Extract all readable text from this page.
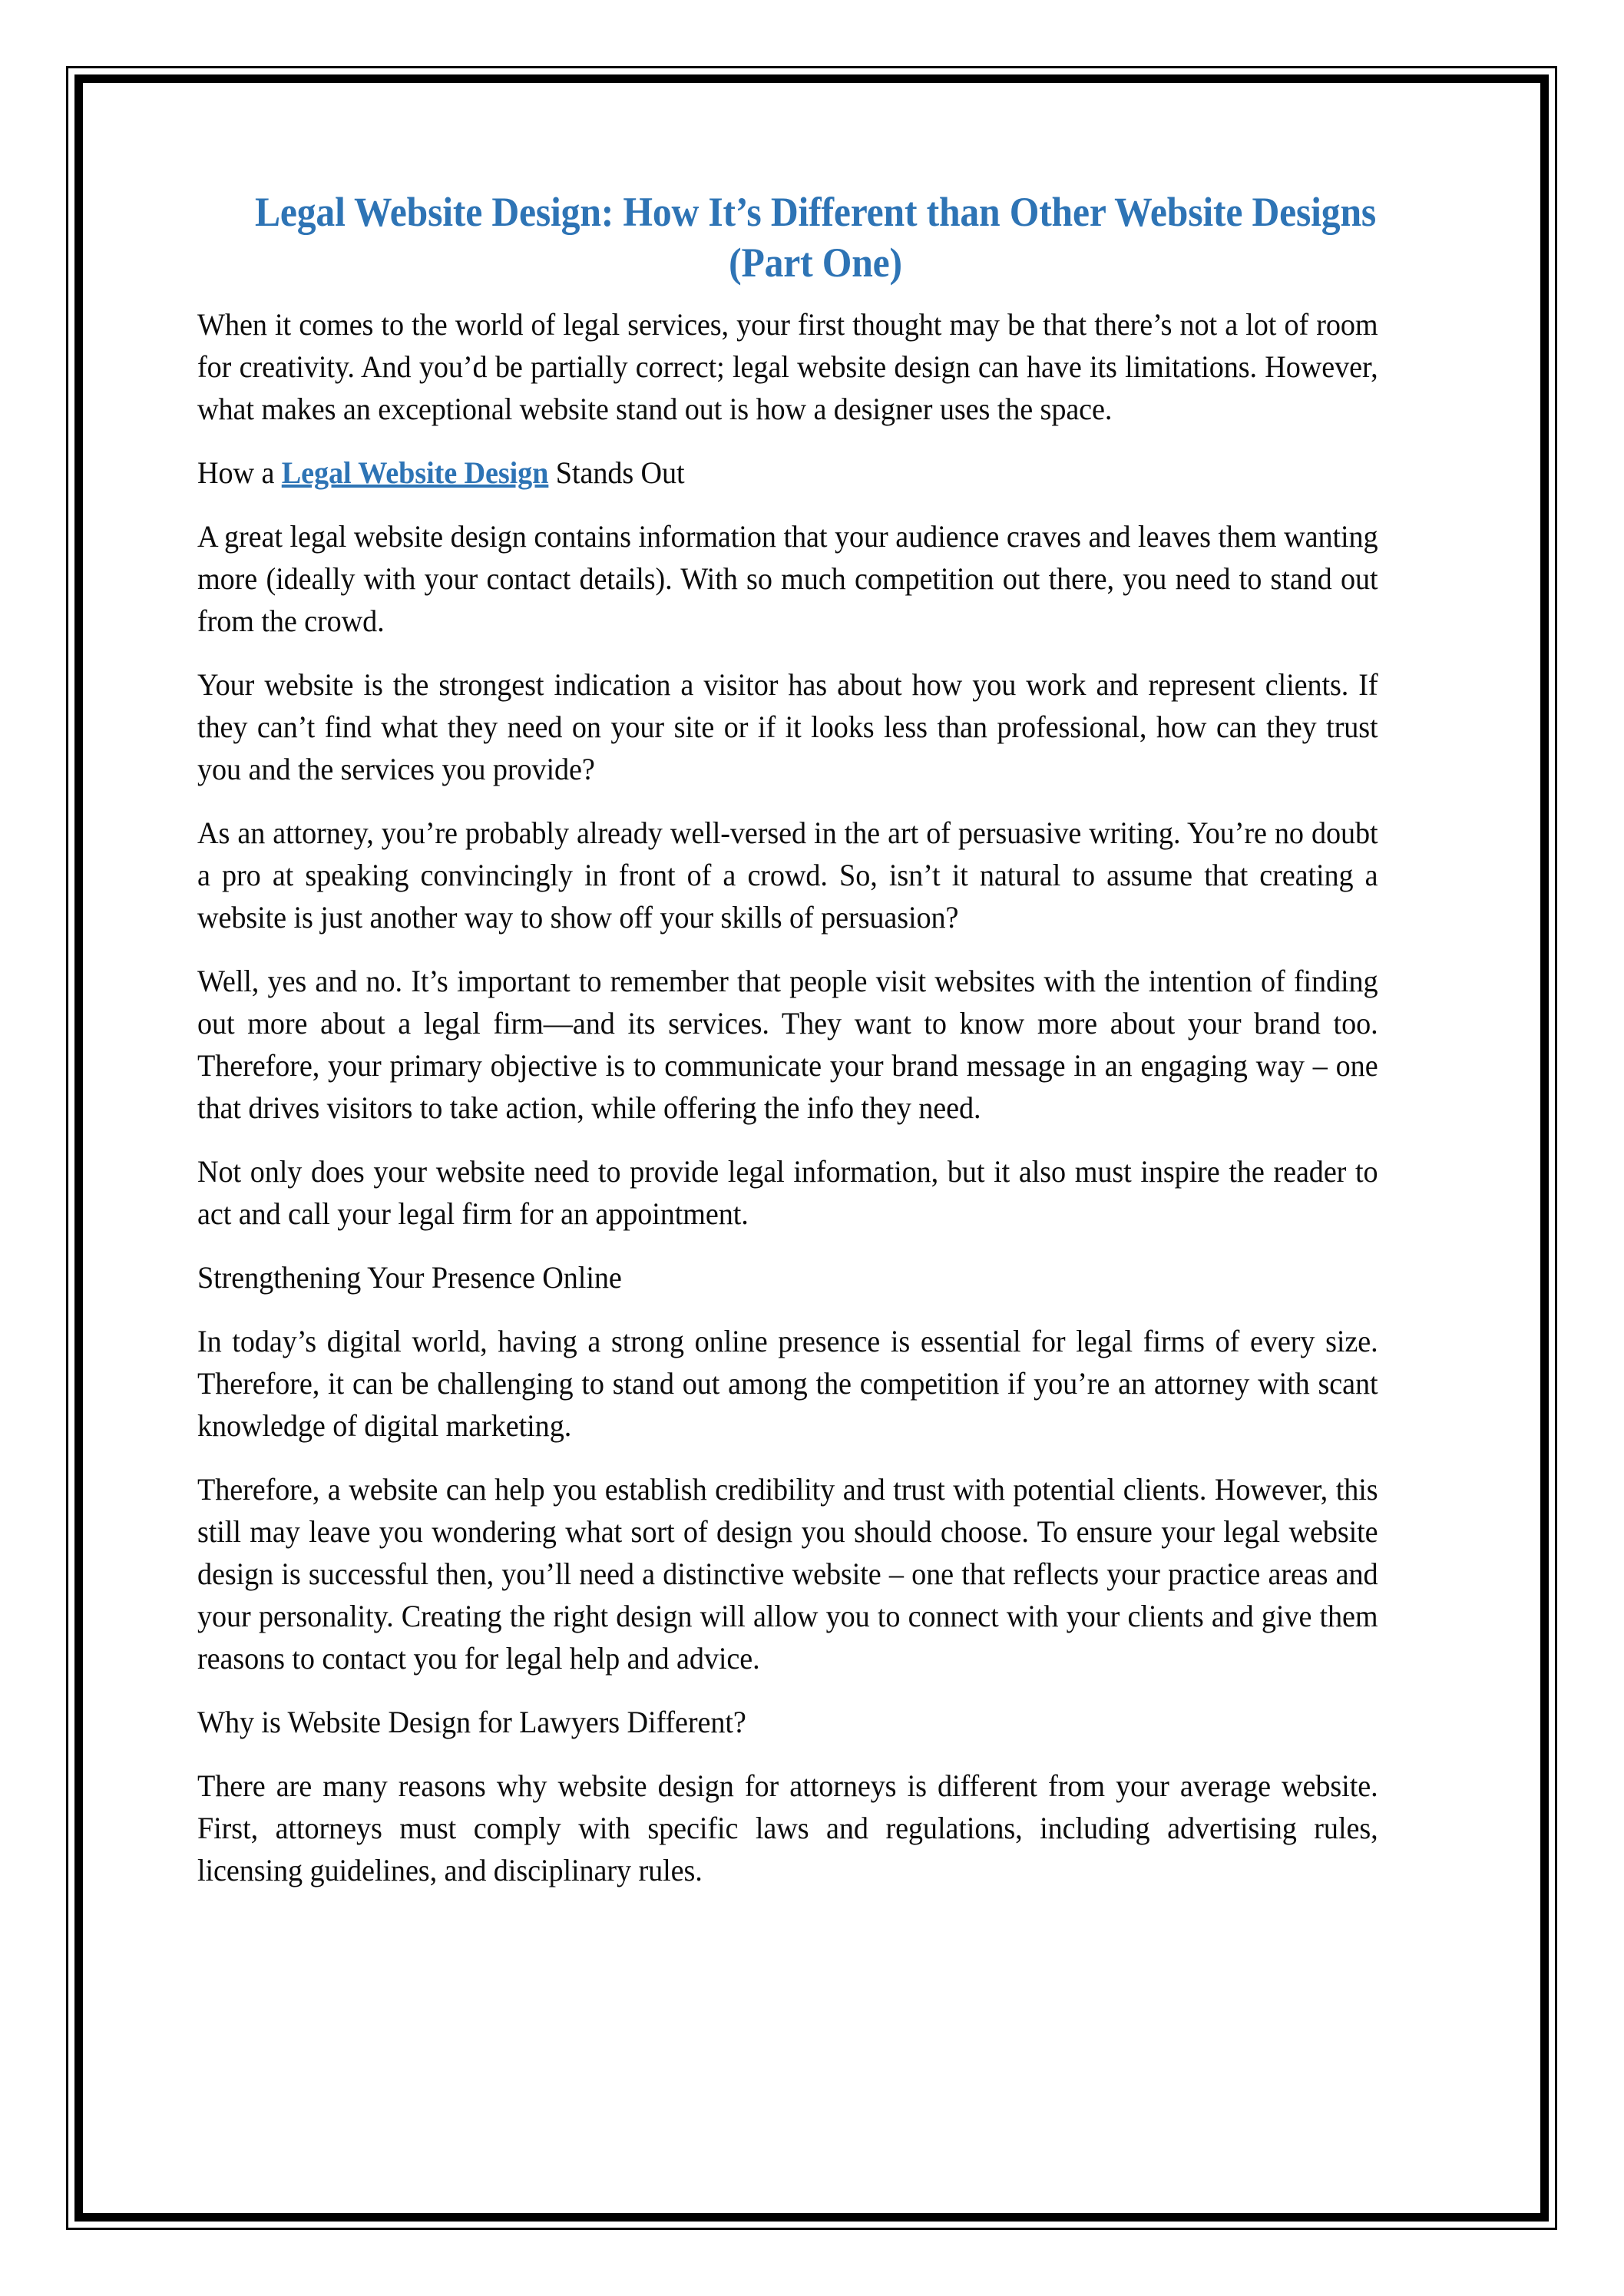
Legal Website Design: How It’s Different than Other Website Designs (Part One)

When it comes to the world of legal services, your first thought may be that there’s not a lot of room for creativity. And you’d be partially correct; legal website design can have its limitations. However, what makes an exceptional website stand out is how a designer uses the space.

How a Legal Website Design Stands Out

A great legal website design contains information that your audience craves and leaves them wanting more (ideally with your contact details). With so much competition out there, you need to stand out from the crowd.

Your website is the strongest indication a visitor has about how you work and represent clients. If they can’t find what they need on your site or if it looks less than professional, how can they trust you and the services you provide?

As an attorney, you’re probably already well-versed in the art of persuasive writing. You’re no doubt a pro at speaking convincingly in front of a crowd. So, isn’t it natural to assume that creating a website is just another way to show off your skills of persuasion?

Well, yes and no. It’s important to remember that people visit websites with the intention of finding out more about a legal firm—and its services. They want to know more about your brand too. Therefore, your primary objective is to communicate your brand message in an engaging way – one that drives visitors to take action, while offering the info they need.

Not only does your website need to provide legal information, but it also must inspire the reader to act and call your legal firm for an appointment.

Strengthening Your Presence Online

In today’s digital world, having a strong online presence is essential for legal firms of every size. Therefore, it can be challenging to stand out among the competition if you’re an attorney with scant knowledge of digital marketing.

Therefore, a website can help you establish credibility and trust with potential clients. However, this still may leave you wondering what sort of design you should choose. To ensure your legal website design is successful then, you’ll need a distinctive website – one that reflects your practice areas and your personality. Creating the right design will allow you to connect with your clients and give them reasons to contact you for legal help and advice.

Why is Website Design for Lawyers Different?

There are many reasons why website design for attorneys is different from your average website. First, attorneys must comply with specific laws and regulations, including advertising rules, licensing guidelines, and disciplinary rules.
